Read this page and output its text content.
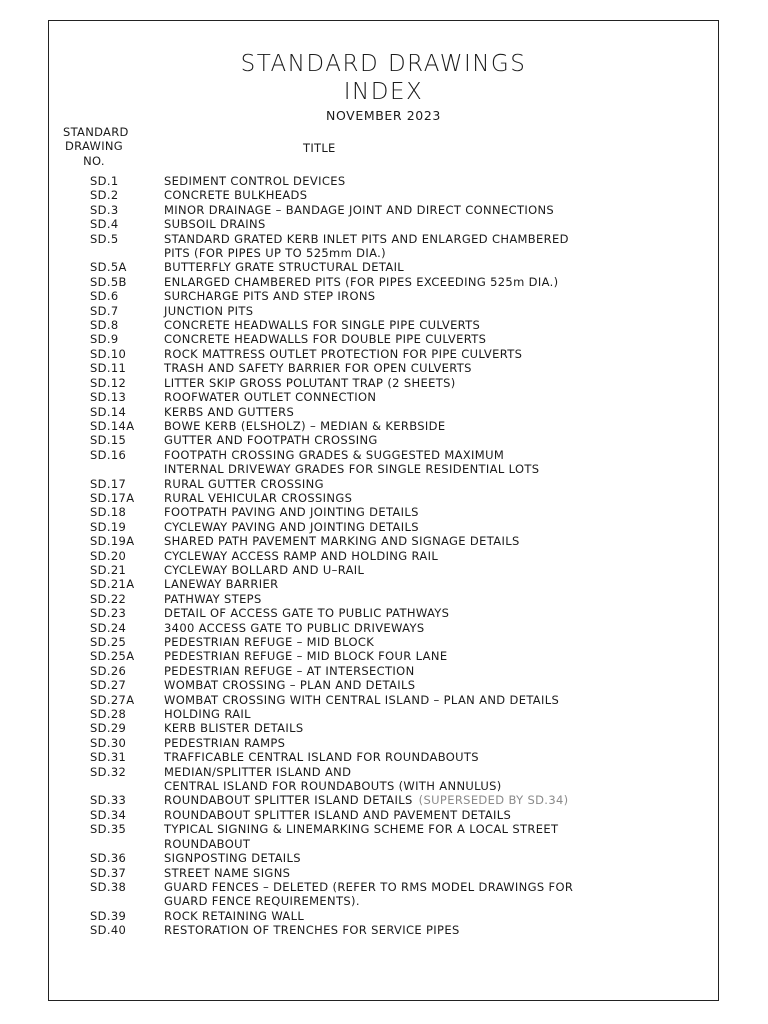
STANDARD DRAWINGS
INDEX
NOVEMBER 2023
STANDARD
DRAWING
NO.
TITLE
SD.1	SEDIMENT CONTROL DEVICES
SD.2	CONCRETE BULKHEADS
SD.3	MINOR DRAINAGE – BANDAGE JOINT AND DIRECT CONNECTIONS
SD.4	SUBSOIL DRAINS
SD.5	STANDARD GRATED KERB INLET PITS AND ENLARGED CHAMBERED
PITS (FOR PIPES UP TO 525mm DIA.)
SD.5A	BUTTERFLY GRATE STRUCTURAL DETAIL
SD.5B	ENLARGED CHAMBERED PITS (FOR PIPES EXCEEDING 525m DIA.)
SD.6	SURCHARGE PITS AND STEP IRONS
SD.7	JUNCTION PITS
SD.8	CONCRETE HEADWALLS FOR SINGLE PIPE CULVERTS
SD.9	CONCRETE HEADWALLS FOR DOUBLE PIPE CULVERTS
SD.10	ROCK MATTRESS OUTLET PROTECTION FOR PIPE CULVERTS
SD.11	TRASH AND SAFETY BARRIER FOR OPEN CULVERTS
SD.12	LITTER SKIP GROSS POLUTANT TRAP (2 SHEETS)
SD.13	ROOFWATER OUTLET CONNECTION
SD.14	KERBS AND GUTTERS
SD.14A	BOWE KERB (ELSHOLZ) – MEDIAN & KERBSIDE
SD.15	GUTTER AND FOOTPATH CROSSING
SD.16	FOOTPATH CROSSING GRADES & SUGGESTED MAXIMUM
INTERNAL DRIVEWAY GRADES FOR SINGLE RESIDENTIAL LOTS
SD.17	RURAL GUTTER CROSSING
SD.17A	RURAL VEHICULAR CROSSINGS
SD.18	FOOTPATH PAVING AND JOINTING DETAILS
SD.19	CYCLEWAY PAVING AND JOINTING DETAILS
SD.19A	SHARED PATH PAVEMENT MARKING AND SIGNAGE DETAILS
SD.20	CYCLEWAY ACCESS RAMP AND HOLDING RAIL
SD.21	CYCLEWAY BOLLARD AND U–RAIL
SD.21A	LANEWAY BARRIER
SD.22	PATHWAY STEPS
SD.23	DETAIL OF ACCESS GATE TO PUBLIC PATHWAYS
SD.24	3400 ACCESS GATE TO PUBLIC DRIVEWAYS
SD.25	PEDESTRIAN REFUGE – MID BLOCK
SD.25A	PEDESTRIAN REFUGE – MID BLOCK FOUR LANE
SD.26	PEDESTRIAN REFUGE – AT INTERSECTION
SD.27	WOMBAT CROSSING – PLAN AND DETAILS
SD.27A	WOMBAT CROSSING WITH CENTRAL ISLAND – PLAN AND DETAILS
SD.28	HOLDING RAIL
SD.29	KERB BLISTER DETAILS
SD.30	PEDESTRIAN RAMPS
SD.31	TRAFFICABLE CENTRAL ISLAND FOR ROUNDABOUTS
SD.32	MEDIAN/SPLITTER ISLAND AND
CENTRAL ISLAND FOR ROUNDABOUTS (WITH ANNULUS)
SD.33	ROUNDABOUT SPLITTER ISLAND DETAILS (SUPERSEDED BY SD.34)
SD.34	ROUNDABOUT SPLITTER ISLAND AND PAVEMENT DETAILS
SD.35	TYPICAL SIGNING & LINEMARKING SCHEME FOR A LOCAL STREET
ROUNDABOUT
SD.36	SIGNPOSTING DETAILS
SD.37	STREET NAME SIGNS
SD.38	GUARD FENCES – DELETED (REFER TO RMS MODEL DRAWINGS FOR
GUARD FENCE REQUIREMENTS).
SD.39	ROCK RETAINING WALL
SD.40	RESTORATION OF TRENCHES FOR SERVICE PIPES
